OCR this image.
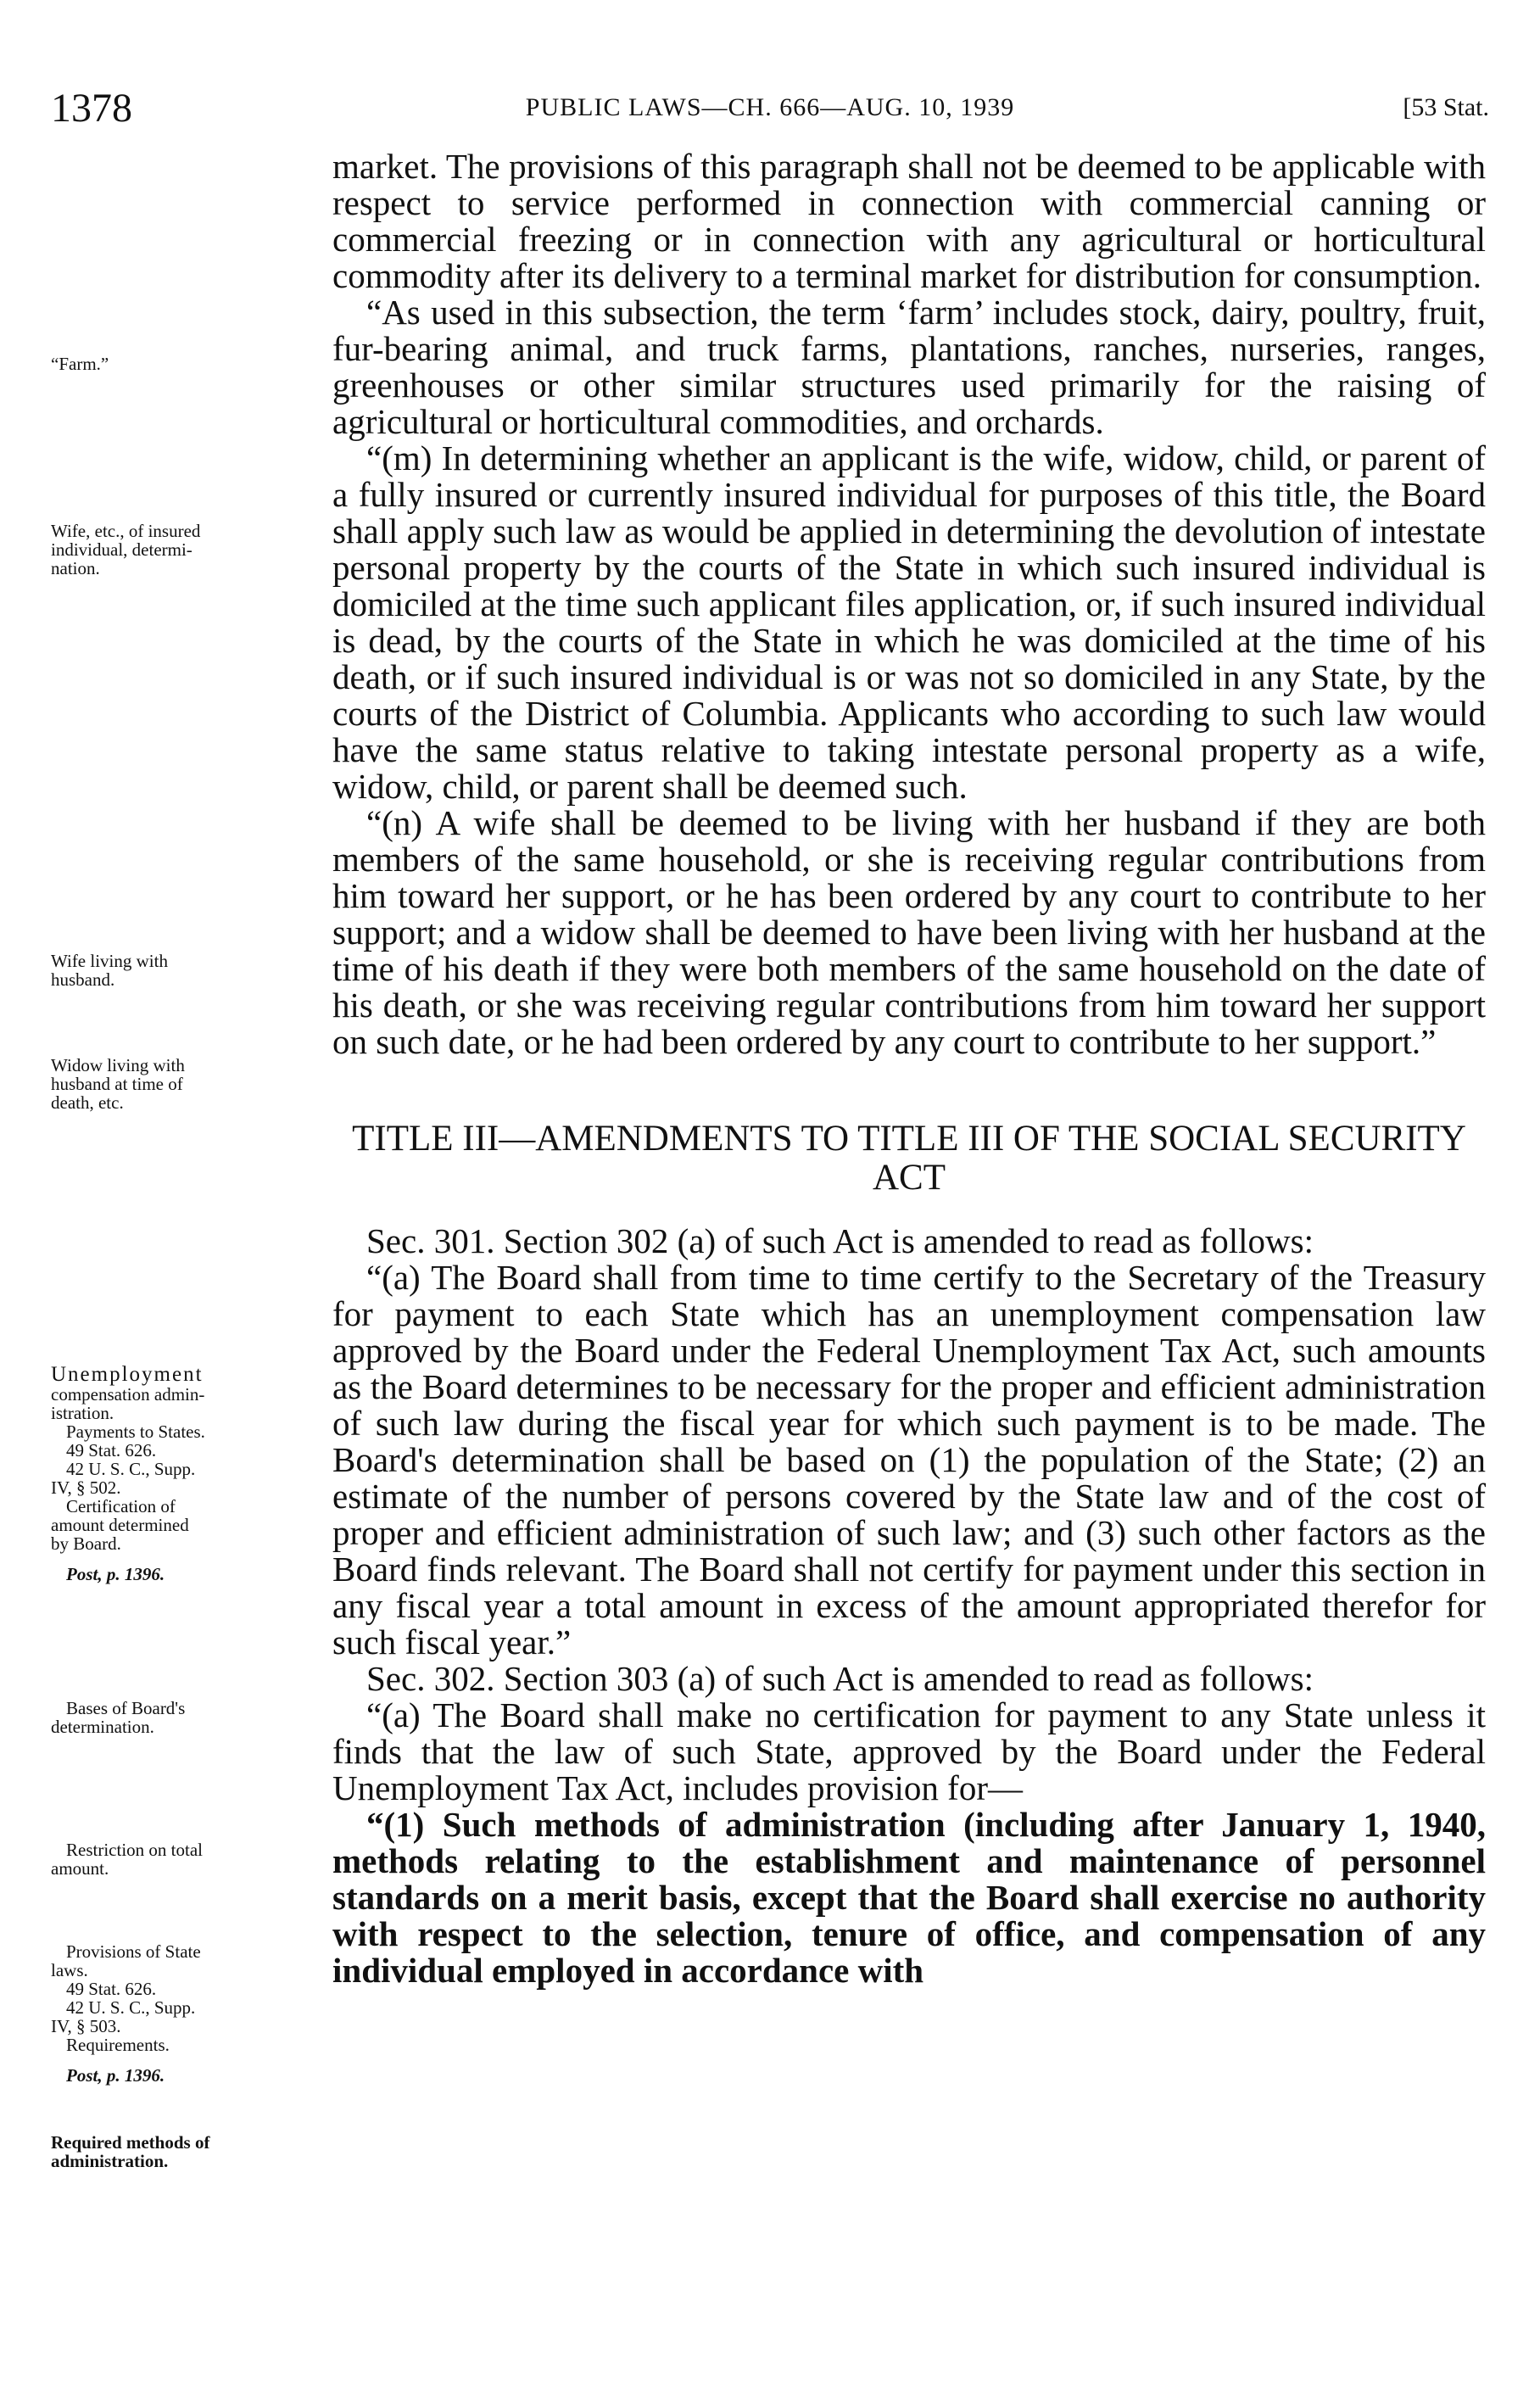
1378	PUBLIC LAWS—CH. 666—AUG. 10, 1939	[53 Stat.
“Farm.”
Wife, etc., of insured
individual, determi-
nation.
Wife living with
husband.
Widow living with
husband at time of
death, etc.
Unemployment
compensation admin-
istration.
Payments to States.
49 Stat. 626.
42 U. S. C., Supp.
IV, § 502.
Certification of
amount determined
by Board.
Post, p. 1396.
Bases of Board's
determination.
Restriction on total
amount.
Provisions of State
laws.
49 Stat. 626.
42 U. S. C., Supp.
IV, § 503.
Requirements.
Post, p. 1396.
Required methods of
administration.

market. The provisions of this paragraph shall not be deemed to be applicable with respect to service performed in connection with commercial canning or commercial freezing or in connection with any agricultural or horticultural commodity after its delivery to a terminal market for distribution for consumption.

“As used in this subsection, the term ‘farm’ includes stock, dairy, poultry, fruit, fur-bearing animal, and truck farms, plantations, ranches, nurseries, ranges, greenhouses or other similar structures used primarily for the raising of agricultural or horticultural commodities, and orchards.

“(m) In determining whether an applicant is the wife, widow, child, or parent of a fully insured or currently insured individual for purposes of this title, the Board shall apply such law as would be applied in determining the devolution of intestate personal property by the courts of the State in which such insured individual is domiciled at the time such applicant files application, or, if such insured individual is dead, by the courts of the State in which he was domiciled at the time of his death, or if such insured individual is or was not so domiciled in any State, by the courts of the District of Columbia. Applicants who according to such law would have the same status relative to taking intestate personal property as a wife, widow, child, or parent shall be deemed such.

“(n) A wife shall be deemed to be living with her husband if they are both members of the same household, or she is receiving regular contributions from him toward her support, or he has been ordered by any court to contribute to her support; and a widow shall be deemed to have been living with her husband at the time of his death if they were both members of the same household on the date of his death, or she was receiving regular contributions from him toward her support on such date, or he had been ordered by any court to contribute to her support.”

TITLE III—AMENDMENTS TO TITLE III OF THE SOCIAL SECURITY ACT

Sec. 301. Section 302 (a) of such Act is amended to read as follows:

“(a) The Board shall from time to time certify to the Secretary of the Treasury for payment to each State which has an unemployment compensation law approved by the Board under the Federal Unemployment Tax Act, such amounts as the Board determines to be necessary for the proper and efficient administration of such law during the fiscal year for which such payment is to be made. The Board's determination shall be based on (1) the population of the State; (2) an estimate of the number of persons covered by the State law and of the cost of proper and efficient administration of such law; and (3) such other factors as the Board finds relevant. The Board shall not certify for payment under this section in any fiscal year a total amount in excess of the amount appropriated therefor for such fiscal year.”

Sec. 302. Section 303 (a) of such Act is amended to read as follows:

“(a) The Board shall make no certification for payment to any State unless it finds that the law of such State, approved by the Board under the Federal Unemployment Tax Act, includes provision for—

“(1) Such methods of administration (including after January 1, 1940, methods relating to the establishment and maintenance of personnel standards on a merit basis, except that the Board shall exercise no authority with respect to the selection, tenure of office, and compensation of any individual employed in accordance with
